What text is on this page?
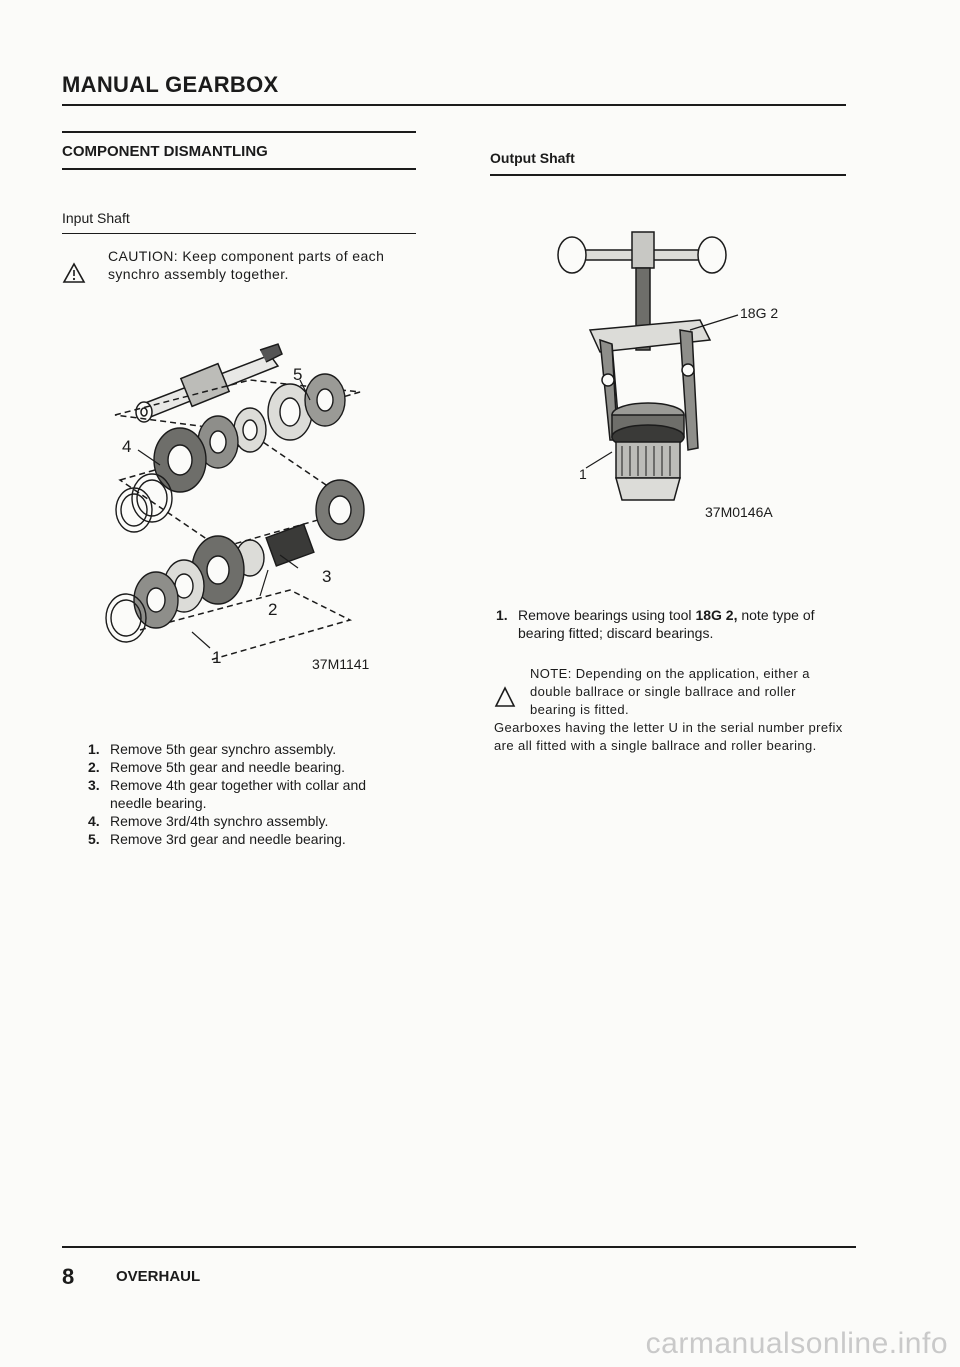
MANUAL GEARBOX
COMPONENT DISMANTLING
Input Shaft
CAUTION: Keep component parts of each synchro assembly together.
5
4
3
2
1	37M1141
1. Remove 5th gear synchro assembly.
2. Remove 5th gear and needle bearing.
3. Remove 4th gear together with collar and needle bearing.
4. Remove 3rd/4th synchro assembly.
5. Remove 3rd gear and needle bearing.
Output Shaft
18G 2
1
37M0146A
1. Remove bearings using tool 18G 2, note type of bearing fitted; discard bearings.
NOTE: Depending on the application, either a double ballrace or single ballrace and roller bearing is fitted.
Gearboxes having the letter U in the serial number prefix are all fitted with a single ballrace and roller bearing.
8	OVERHAUL
carmanualsonline.info
